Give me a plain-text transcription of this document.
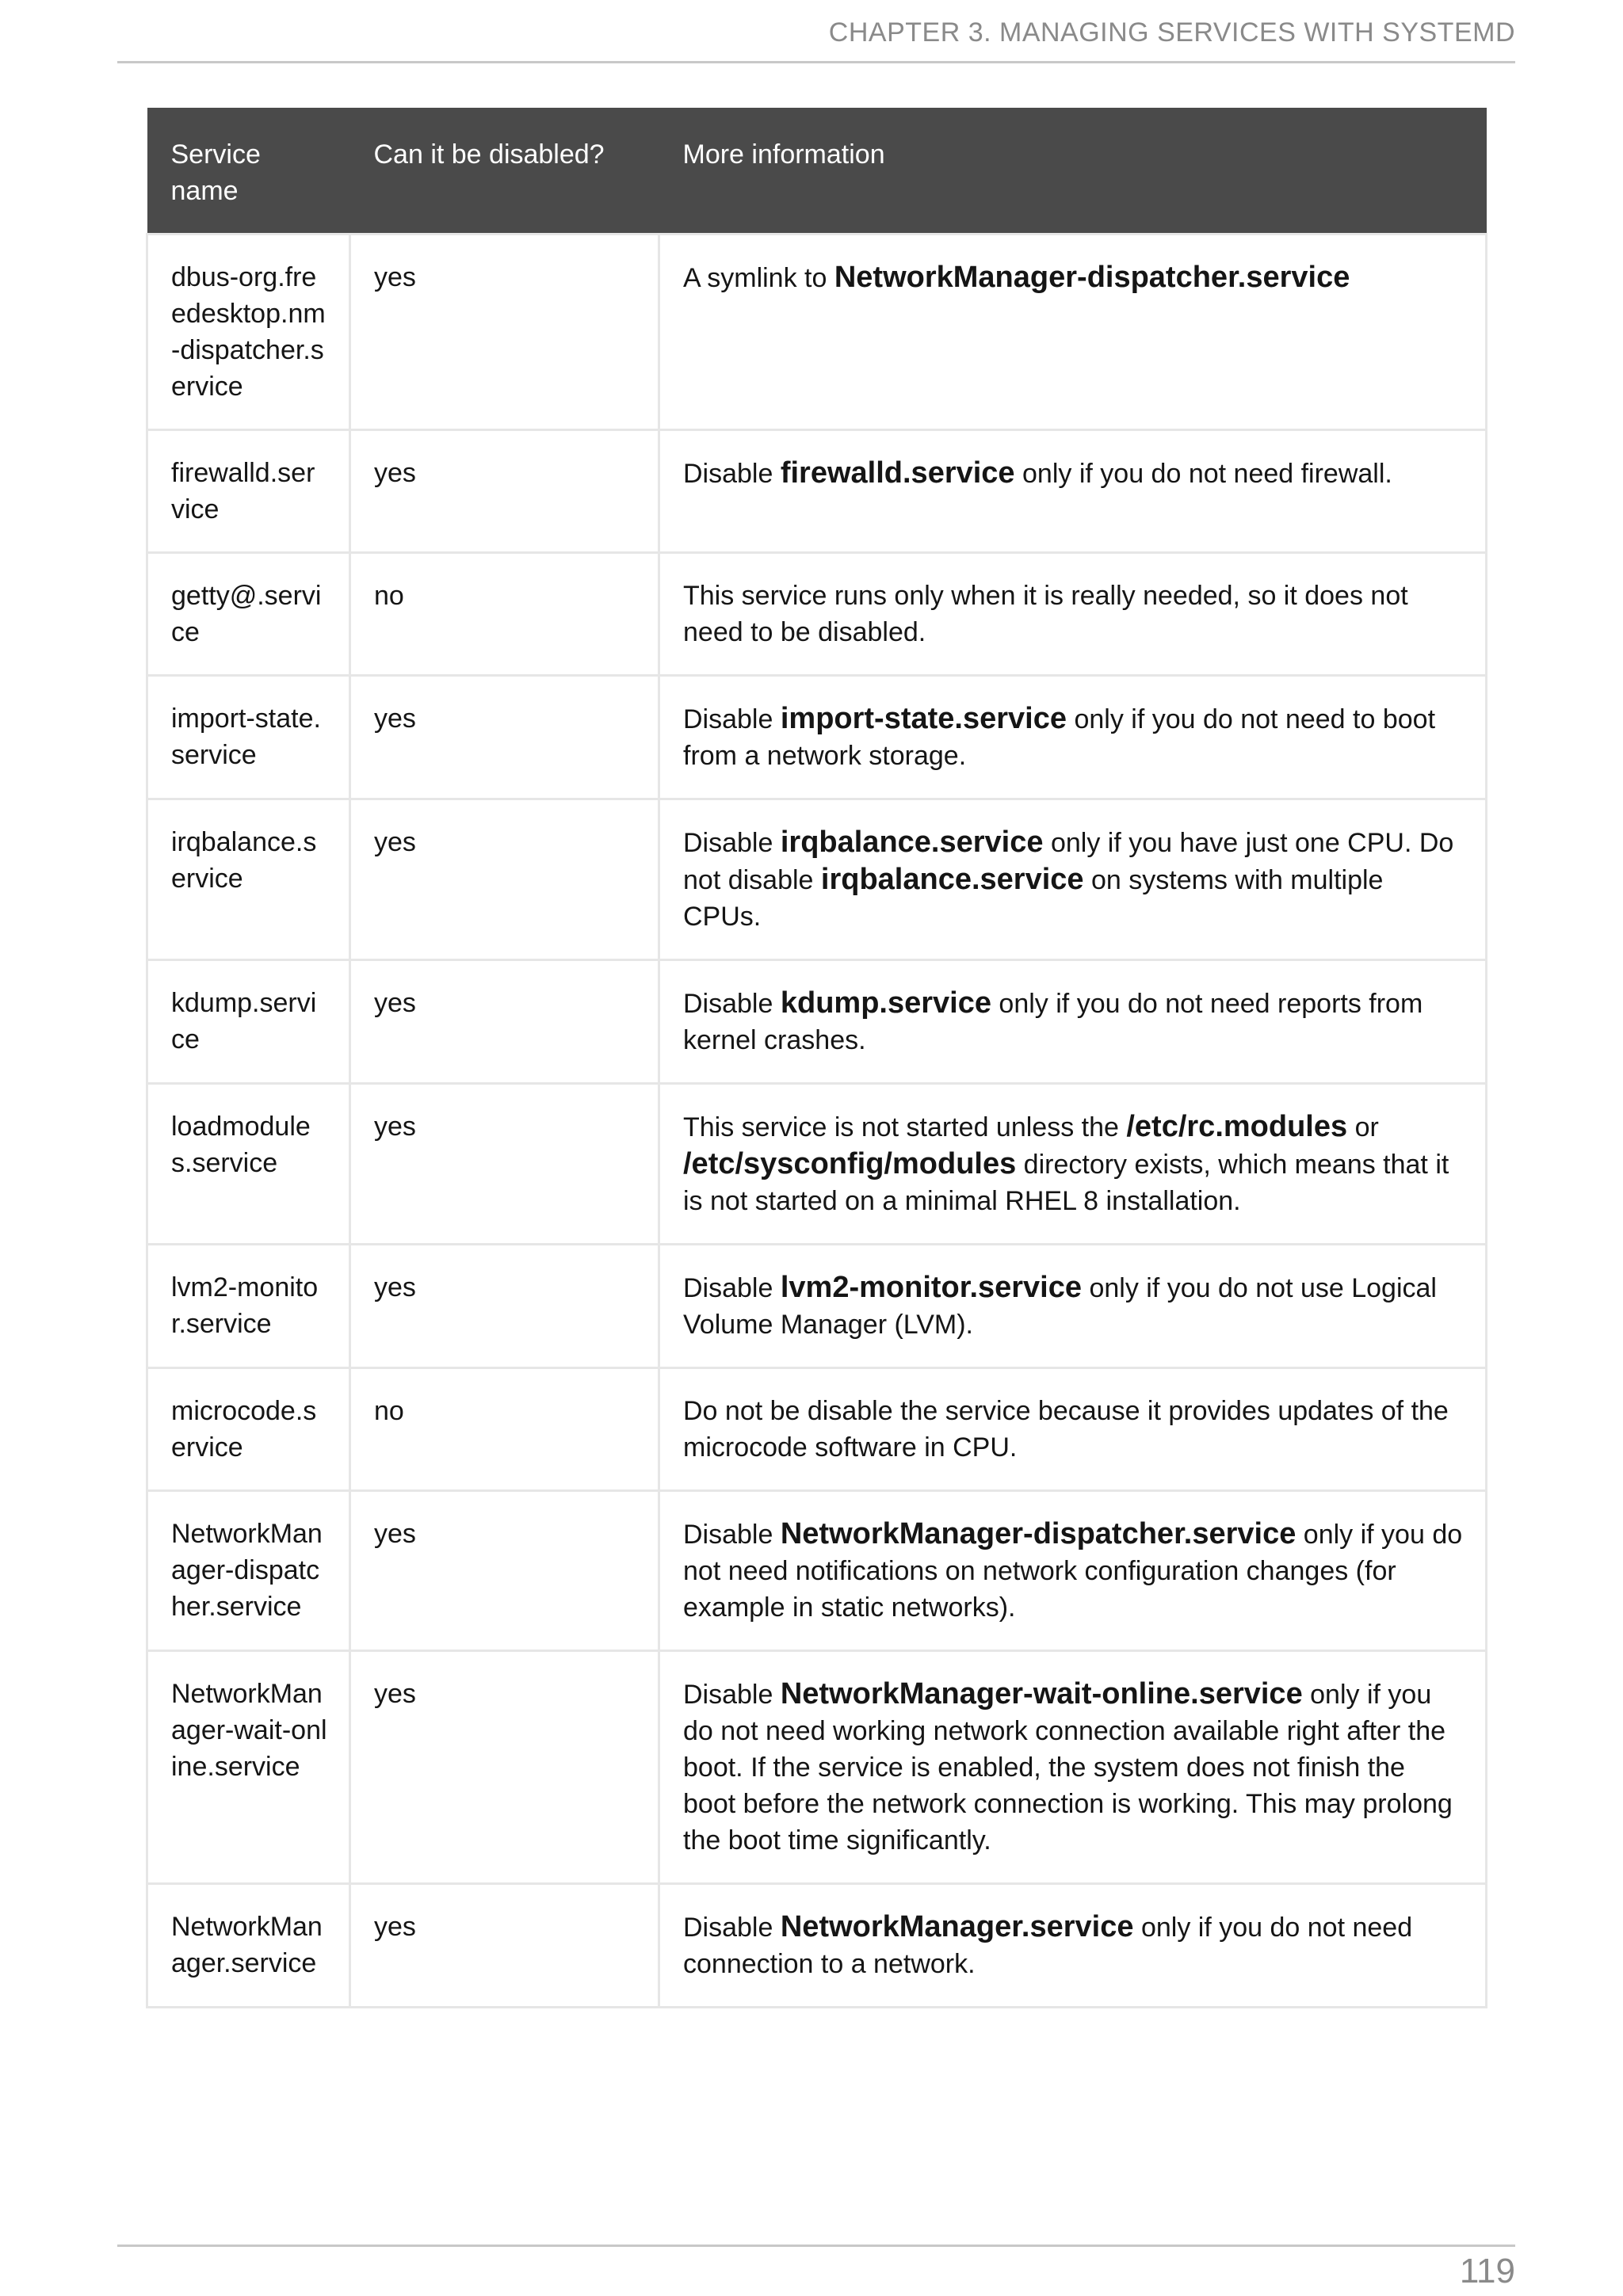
CHAPTER 3. MANAGING SERVICES WITH SYSTEMD
Service name	Can it be disabled?	More information
dbus-org.freedesktop.nm-dispatcher.service	yes	A symlink to NetworkManager-dispatcher.service
firewalld.service	yes	Disable firewalld.service only if you do not need firewall.
getty@.service	no	This service runs only when it is really needed, so it does not need to be disabled.
import-state.service	yes	Disable import-state.service only if you do not need to boot from a network storage.
irqbalance.service	yes	Disable irqbalance.service only if you have just one CPU. Do not disable irqbalance.service on systems with multiple CPUs.
kdump.service	yes	Disable kdump.service only if you do not need reports from kernel crashes.
loadmodules.service	yes	This service is not started unless the /etc/rc.modules or /etc/sysconfig/modules directory exists, which means that it is not started on a minimal RHEL 8 installation.
lvm2-monitor.service	yes	Disable lvm2-monitor.service only if you do not use Logical Volume Manager (LVM).
microcode.service	no	Do not be disable the service because it provides updates of the microcode software in CPU.
NetworkManager-dispatcher.service	yes	Disable NetworkManager-dispatcher.service only if you do not need notifications on network configuration changes (for example in static networks).
NetworkManager-wait-online.service	yes	Disable NetworkManager-wait-online.service only if you do not need working network connection available right after the boot. If the service is enabled, the system does not finish the boot before the network connection is working. This may prolong the boot time significantly.
NetworkManager.service	yes	Disable NetworkManager.service only if you do not need connection to a network.
119
